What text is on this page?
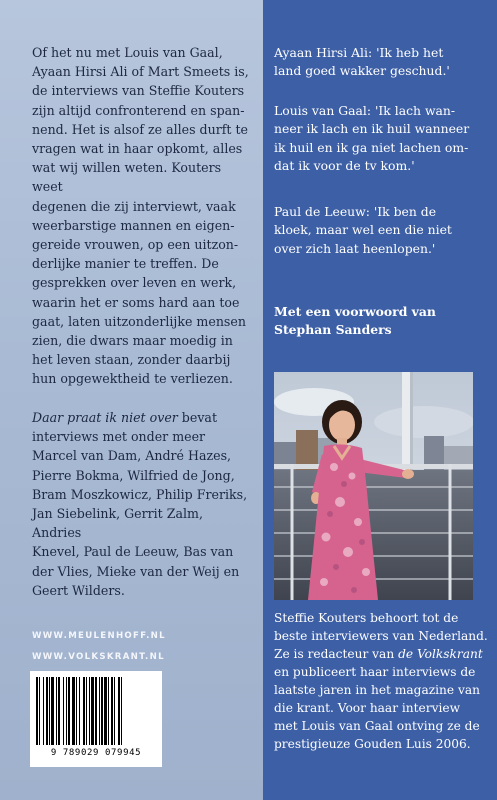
Of het nu met Louis van Gaal,
Ayaan Hirsi Ali of Mart Smeets is,
de interviews van Steffie Kouters
zijn altijd confronterend en span-
nend. Het is alsof ze alles durft te
vragen wat in haar opkomt, alles
wat wij willen weten. Kouters weet
degenen die zij interviewt, vaak
weerbarstige mannen en eigen-
gereide vrouwen, op een uitzon-
derlijke manier te treffen. De
gesprekken over leven en werk,
waarin het er soms hard aan toe
gaat, laten uitzonderlijke mensen
zien, die dwars maar moedig in
het leven staan, zonder daarbij
hun opgewektheid te verliezen.

Daar praat ik niet over bevat
interviews met onder meer
Marcel van Dam, André Hazes,
Pierre Bokma, Wilfried de Jong,
Bram Moszkowicz, Philip Freriks,
Jan Siebelink, Gerrit Zalm, Andries
Knevel, Paul de Leeuw, Bas van
der Vlies, Mieke van der Weij en
Geert Wilders.

WWW.MEULENHOFF.NL
WWW.VOLKSKRANT.NL
9 789029 079945

Ayaan Hirsi Ali: 'Ik heb het
land goed wakker geschud.'

Louis van Gaal: 'Ik lach wan-
neer ik lach en ik huil wanneer
ik huil en ik ga niet lachen om-
dat ik voor de tv kom.'

Paul de Leeuw: 'Ik ben de
kloek, maar wel een die niet
over zich laat heenlopen.'

Met een voorwoord van
Stephan Sanders

Steffie Kouters behoort tot de
beste interviewers van Nederland.
Ze is redacteur van de Volkskrant
en publiceert haar interviews de
laatste jaren in het magazine van
die krant. Voor haar interview
met Louis van Gaal ontving ze de
prestigieuze Gouden Luis 2006.
